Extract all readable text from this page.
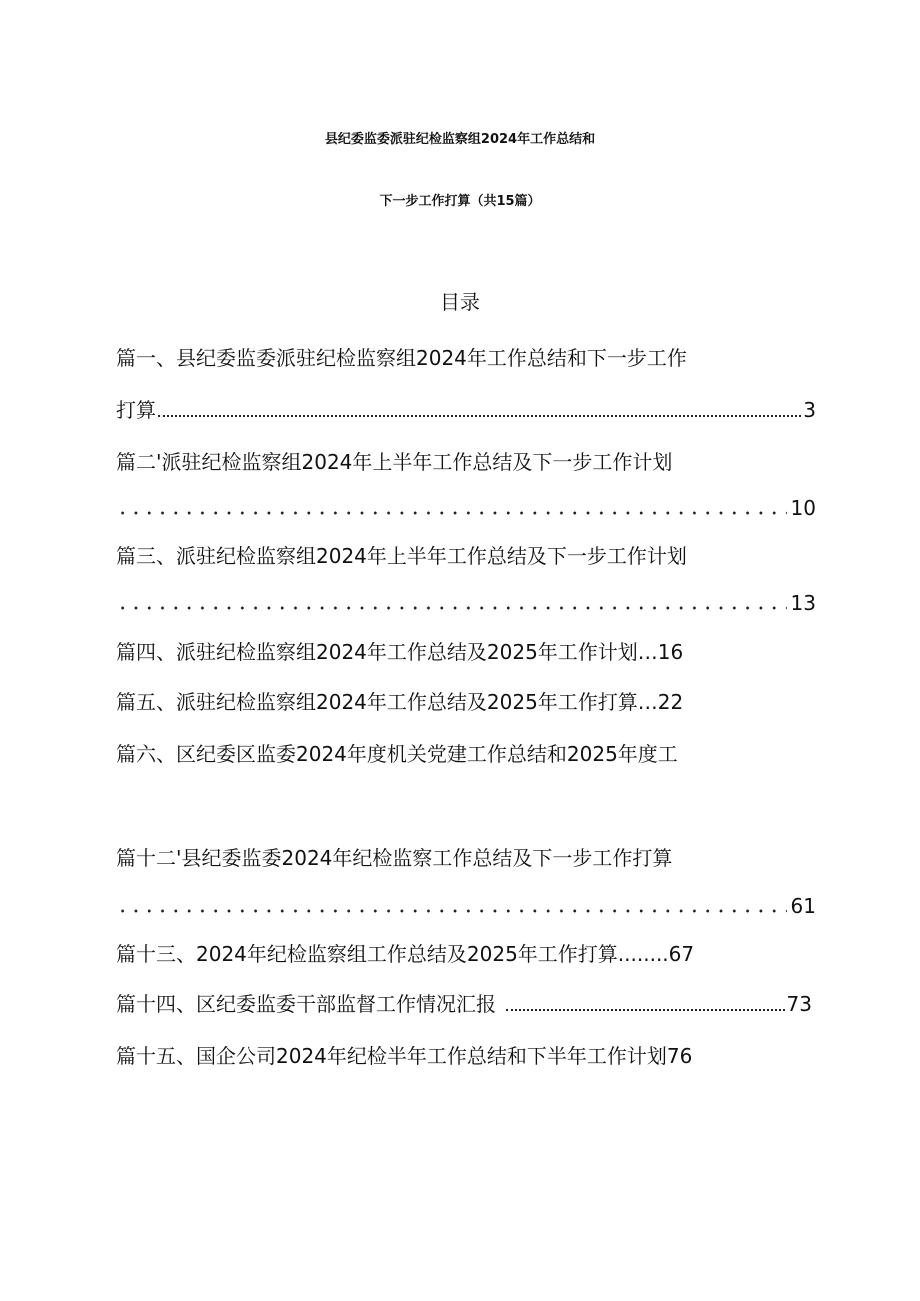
县纪委监委派驻纪检监察组2024年工作总结和
下一步工作打算（共15篇）
目录
篇一、县纪委监委派驻纪检监察组2024年工作总结和下一步工作
打算	3
篇二'派驻纪检监察组2024年上半年工作总结及下一步工作计划
10
篇三、派驻纪检监察组2024年上半年工作总结及下一步工作计划
13
篇四、派驻纪检监察组2024年工作总结及2025年工作计划…16
篇五、派驻纪检监察组2024年工作总结及2025年工作打算…22
篇六、区纪委区监委2024年度机关党建工作总结和2025年度工
篇十二'县纪委监委2024年纪检监察工作总结及下一步工作打算
61
篇十三、2024年纪检监察组工作总结及2025年工作打算........67
篇十四、区纪委监委干部监督工作情况汇报	73
篇十五、国企公司2024年纪检半年工作总结和下半年工作计划76
